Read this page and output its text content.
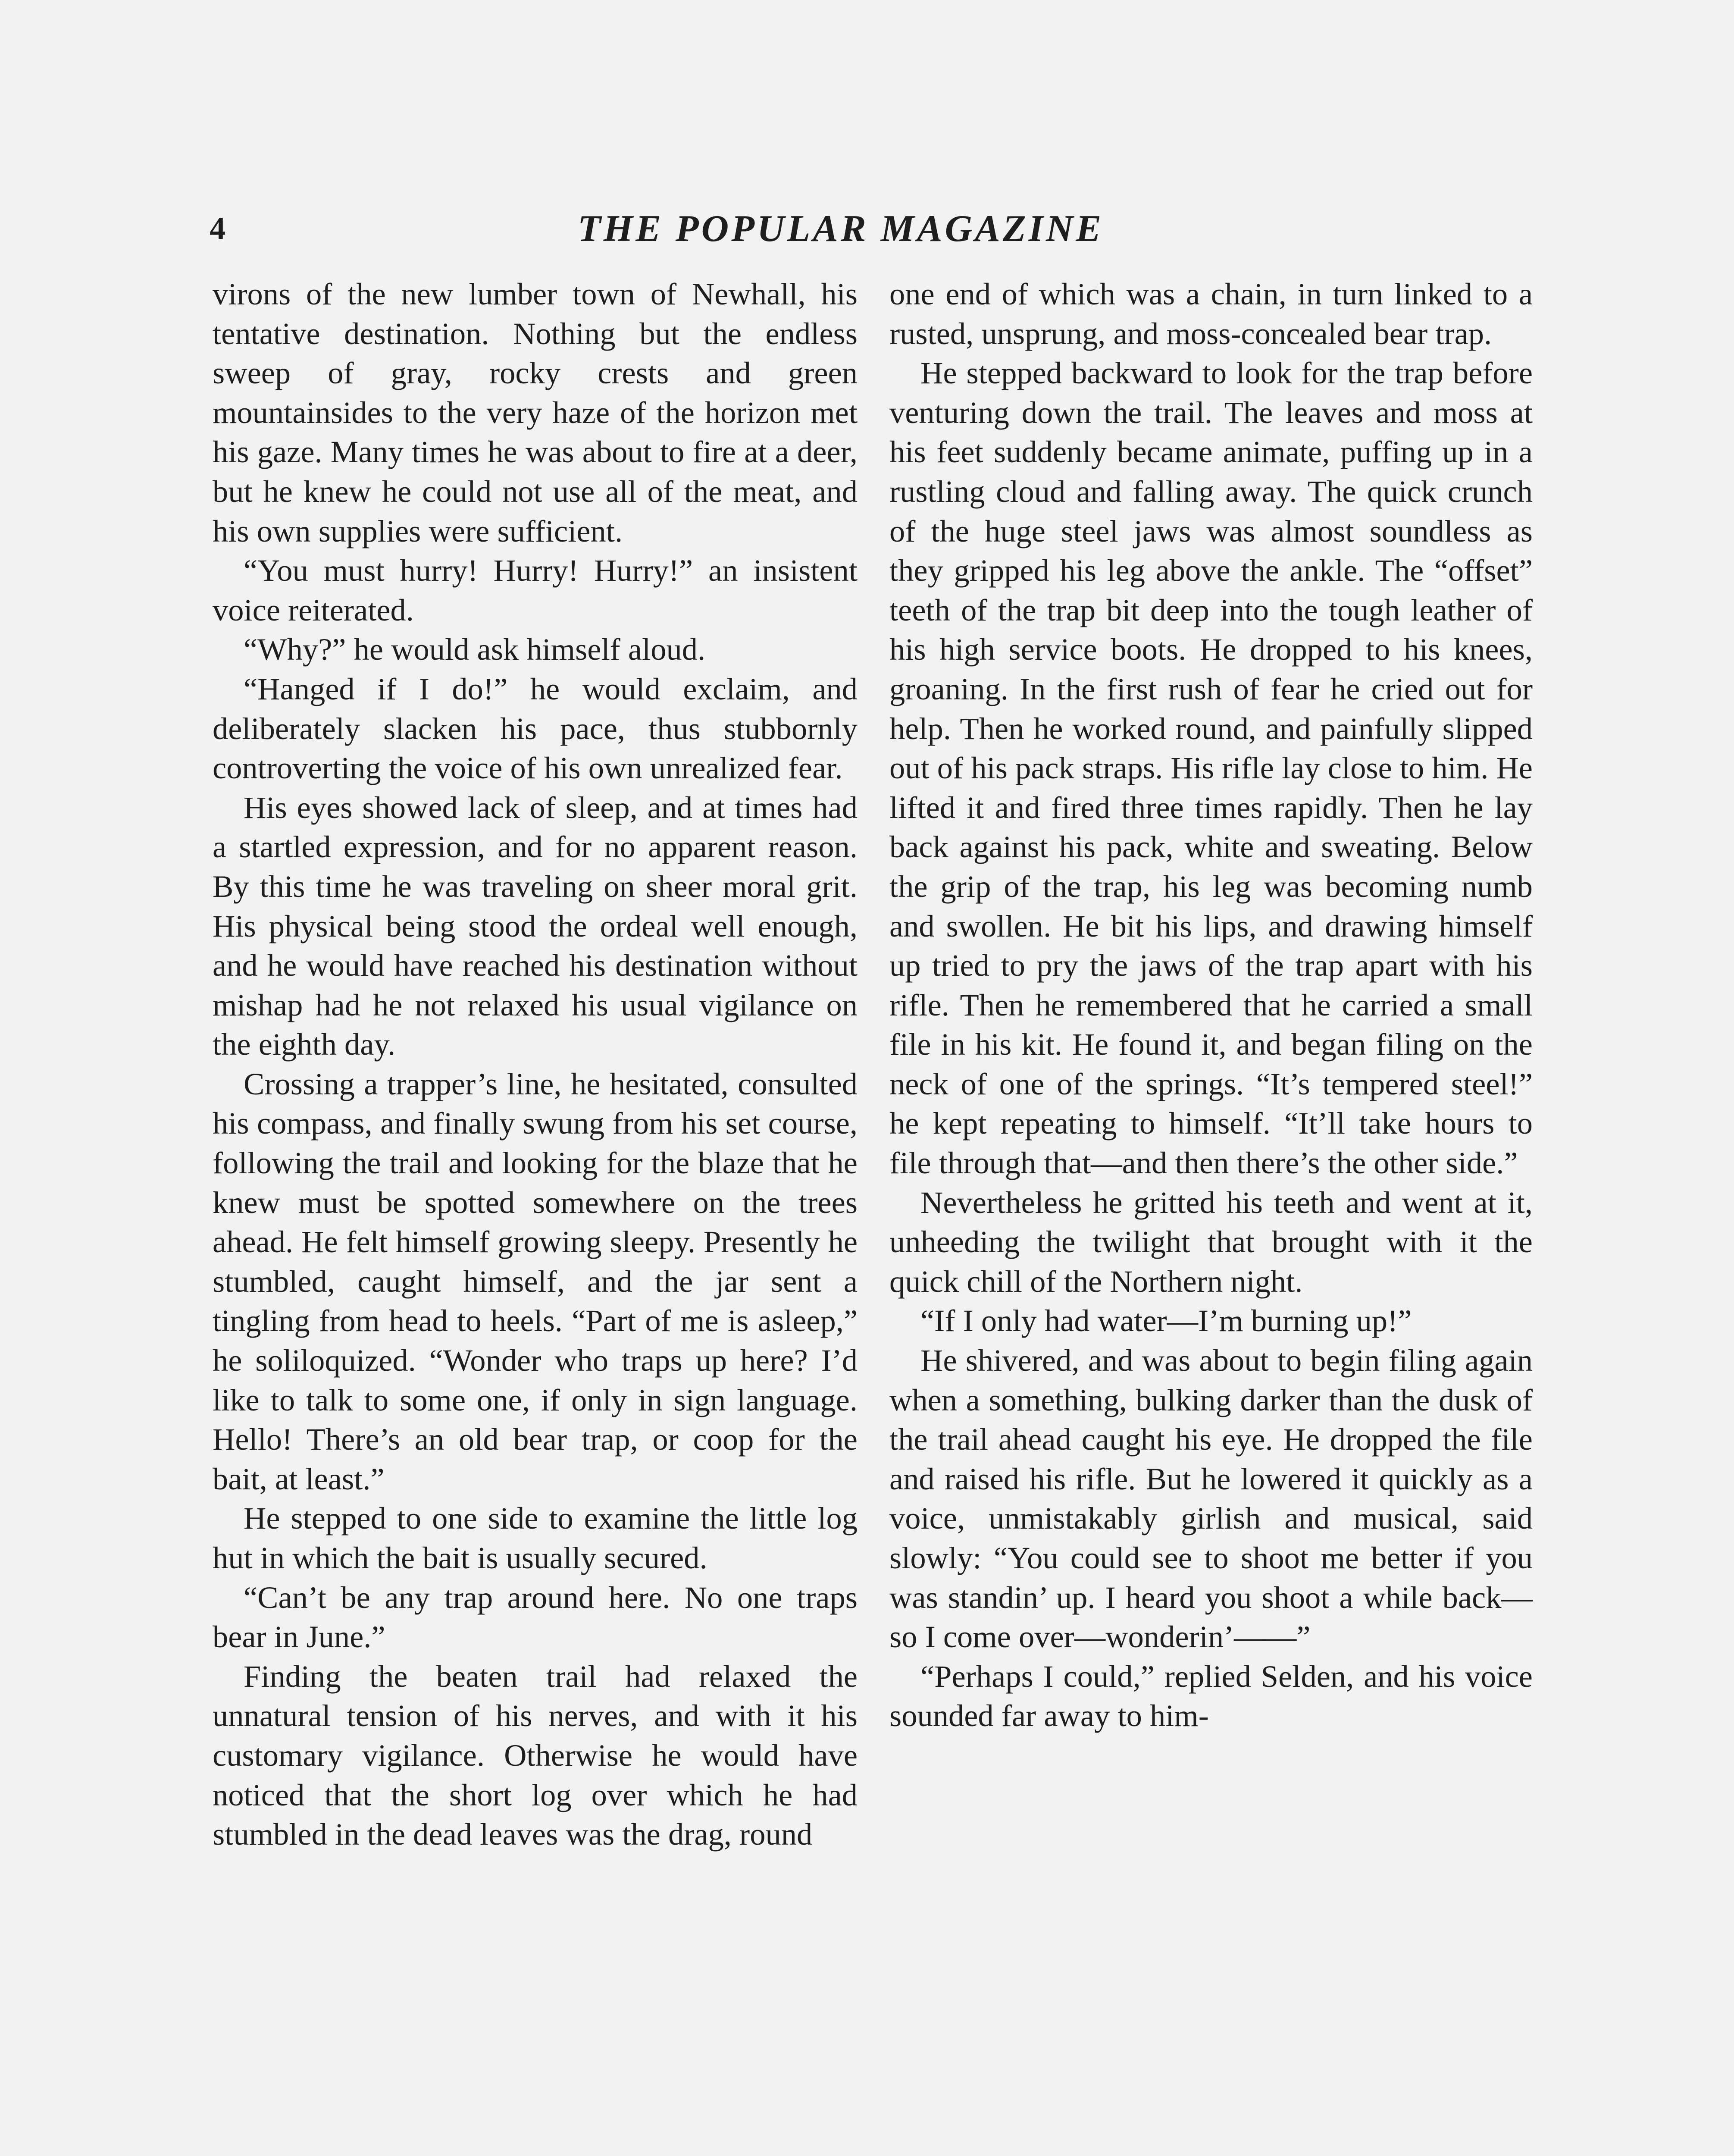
4	THE POPULAR MAGAZINE

virons of the new lumber town of Newhall, his tentative destination. Nothing but the endless sweep of gray, rocky crests and green mountainsides to the very haze of the horizon met his gaze. Many times he was about to fire at a deer, but he knew he could not use all of the meat, and his own supplies were sufficient.

“You must hurry! Hurry! Hurry!” an insistent voice reiterated.

“Why?” he would ask himself aloud.

“Hanged if I do!” he would exclaim, and deliberately slacken his pace, thus stubbornly controverting the voice of his own unrealized fear.

His eyes showed lack of sleep, and at times had a startled expression, and for no apparent reason. By this time he was traveling on sheer moral grit. His physical being stood the ordeal well enough, and he would have reached his destination without mishap had he not relaxed his usual vigilance on the eighth day.

Crossing a trapper’s line, he hesitated, consulted his compass, and finally swung from his set course, following the trail and looking for the blaze that he knew must be spotted somewhere on the trees ahead. He felt himself growing sleepy. Presently he stumbled, caught himself, and the jar sent a tingling from head to heels. “Part of me is asleep,” he soliloquized. “Wonder who traps up here? I’d like to talk to some one, if only in sign language. Hello! There’s an old bear trap, or coop for the bait, at least.”

He stepped to one side to examine the little log hut in which the bait is usually secured.

“Can’t be any trap around here. No one traps bear in June.”

Finding the beaten trail had relaxed the unnatural tension of his nerves, and with it his customary vigilance. Otherwise he would have noticed that the short log over which he had stumbled in the dead leaves was the drag, round

one end of which was a chain, in turn linked to a rusted, unsprung, and moss-concealed bear trap.

He stepped backward to look for the trap before venturing down the trail. The leaves and moss at his feet suddenly became animate, puffing up in a rustling cloud and falling away. The quick crunch of the huge steel jaws was almost soundless as they gripped his leg above the ankle. The “offset” teeth of the trap bit deep into the tough leather of his high service boots. He dropped to his knees, groaning. In the first rush of fear he cried out for help. Then he worked round, and painfully slipped out of his pack straps. His rifle lay close to him. He lifted it and fired three times rapidly. Then he lay back against his pack, white and sweating. Below the grip of the trap, his leg was becoming numb and swollen. He bit his lips, and drawing himself up tried to pry the jaws of the trap apart with his rifle. Then he remembered that he carried a small file in his kit. He found it, and began filing on the neck of one of the springs. “It’s tempered steel!” he kept repeating to himself. “It’ll take hours to file through that—and then there’s the other side.”

Nevertheless he gritted his teeth and went at it, unheeding the twilight that brought with it the quick chill of the Northern night.

“If I only had water—I’m burning up!”

He shivered, and was about to begin filing again when a something, bulking darker than the dusk of the trail ahead caught his eye. He dropped the file and raised his rifle. But he lowered it quickly as a voice, unmistakably girlish and musical, said slowly: “You could see to shoot me better if you was standin’ up. I heard you shoot a while back—so I come over—wonderin’——”

“Perhaps I could,” replied Selden, and his voice sounded far away to him-
